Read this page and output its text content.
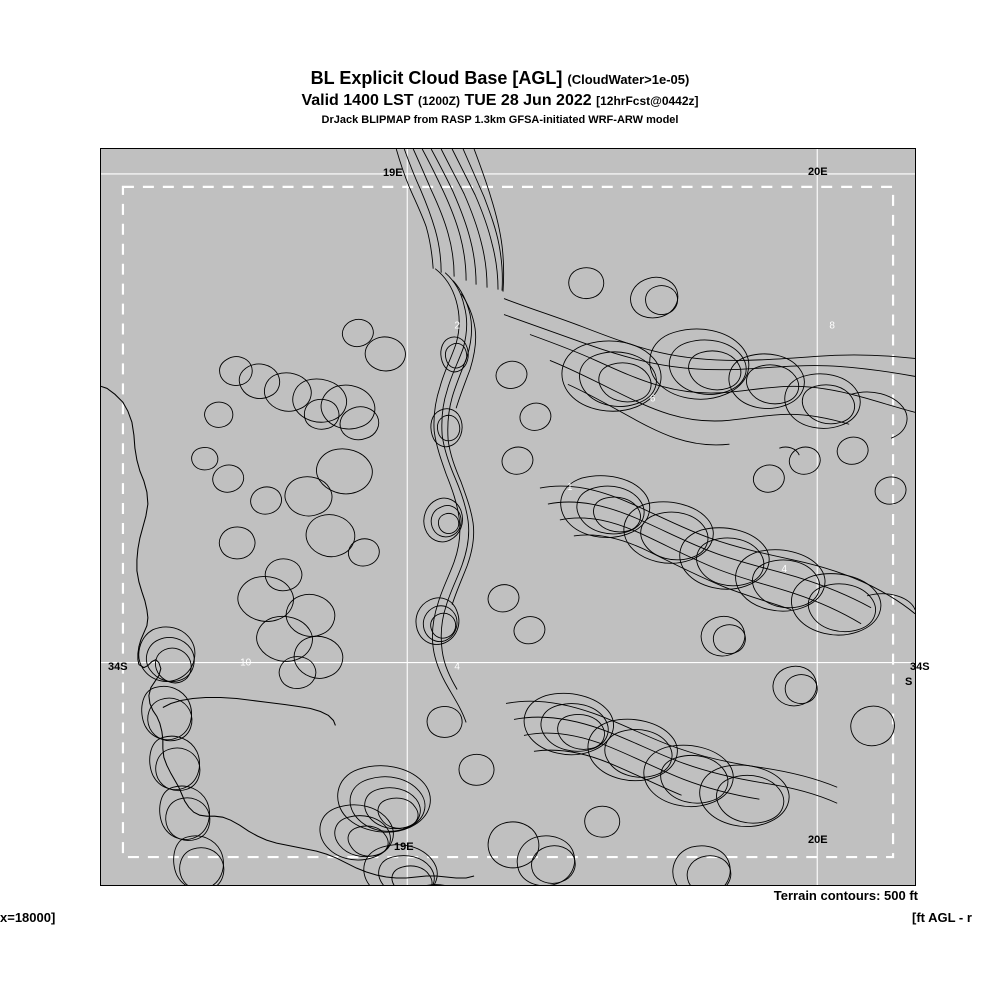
BL Explicit Cloud Base [AGL] (CloudWater>1e-05)
Valid 1400 LST (1200Z) TUE 28 Jun 2022 [12hrFcst@0442z]
DrJack BLIPMAP from RASP 1.3km GFSA-initiated WRF-ARW model
2	8
6
1
4
10	4
34S	34S
S
19E	20E
19E
20E
Terrain contours: 500 ft
x=18000]	[ft AGL - r
